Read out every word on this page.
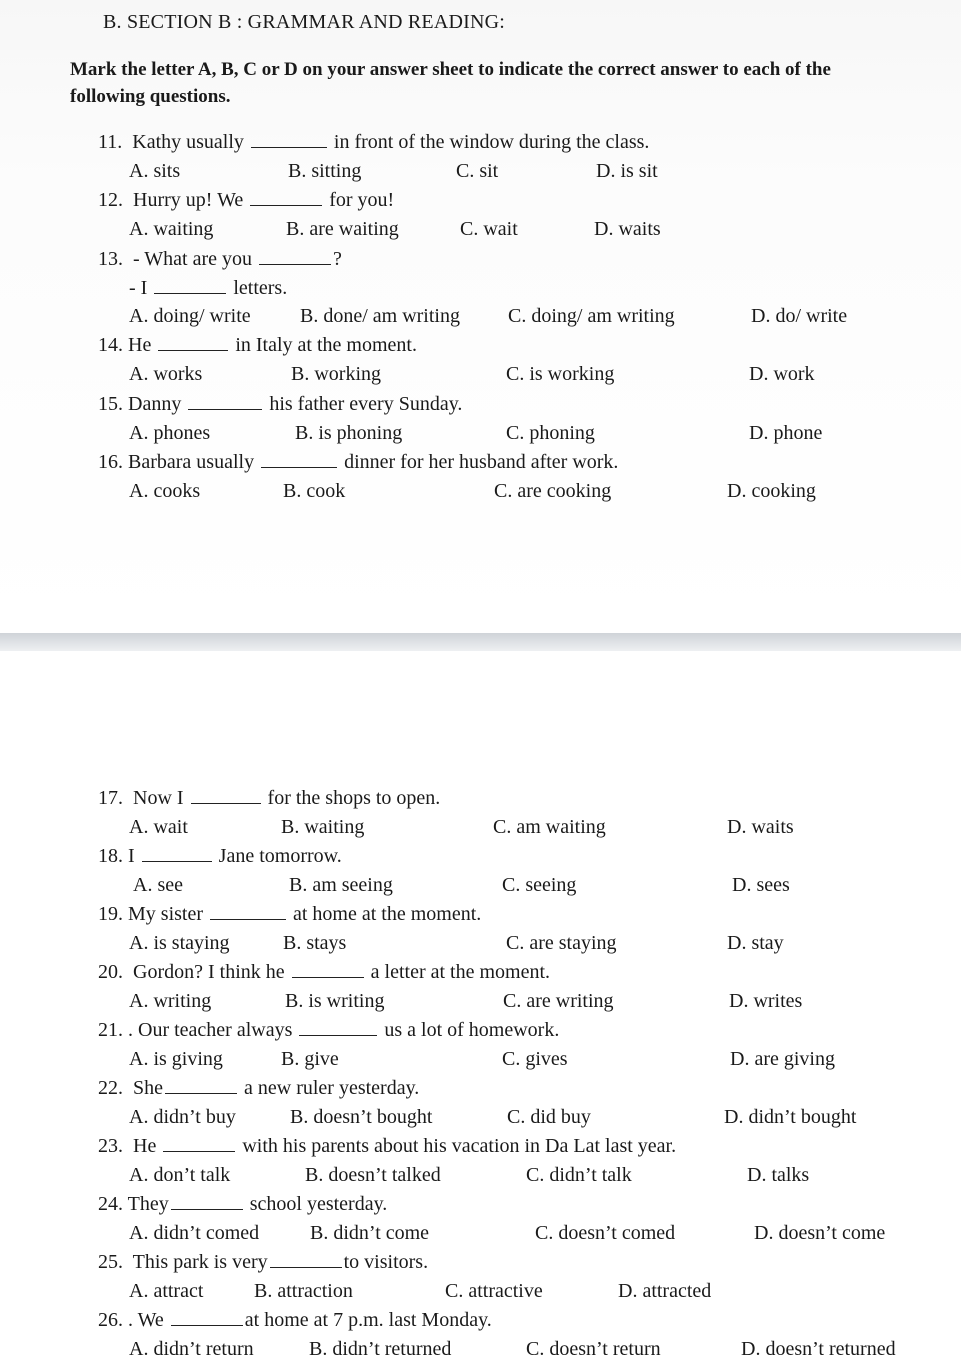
B. SECTION B : GRAMMAR AND READING:
Mark the letter A, B, C or D on your answer sheet to indicate the correct answer to each of the
following questions.
11. Kathy usually	in front of the window during the class.
A. sits	B. sitting	C. sit	D. is sit
12. Hurry up! We	for you!
A. waiting	B. are waiting	C. wait	D. waits
13. - What are you	?
- I	letters.
A. doing/ write B. done/ am writing C. doing/ am writing	D. do/ write
14. He	in Italy at the moment.
A. works	B. working	C. is working	D. work
15. Danny	his father every Sunday.
A. phones	B. is phoning	C. phoning	D. phone
16. Barbara usually	dinner for her husband after work.
A. cooks	B. cook	C. are cooking	D. cooking
17. Now I	for the shops to open.
A. wait	B. waiting	C. am waiting	D. waits
18. I	Jane tomorrow.
A. see	B. am seeing	C. seeing	D. sees
19. My sister	at home at the moment.
A. is staying	B. stays	C. are staying	D. stay
20. Gordon? I think he	a letter at the moment.
A. writing	B. is writing	C. are writing	D. writes
21. . Our teacher always	us a lot of homework.
A. is giving	B. give	C. gives	D. are giving
22. She	a new ruler yesterday.
A. didn’t buy	B. doesn’t bought	C. did buy	D. didn’t bought
23. He	with his parents about his vacation in Da Lat last year.
A. don’t talk	B. doesn’t talked	C. didn’t talk	D. talks
24. They	school yesterday.
A. didn’t comed	B. didn’t come	C. doesn’t comed	D. doesn’t come
25. This park is very	to visitors.
A. attract	B. attraction	C. attractive	D. attracted
26. . We	at home at 7 p.m. last Monday.
A. didn’t return	B. didn’t returned	C. doesn’t return	D. doesn’t returned
